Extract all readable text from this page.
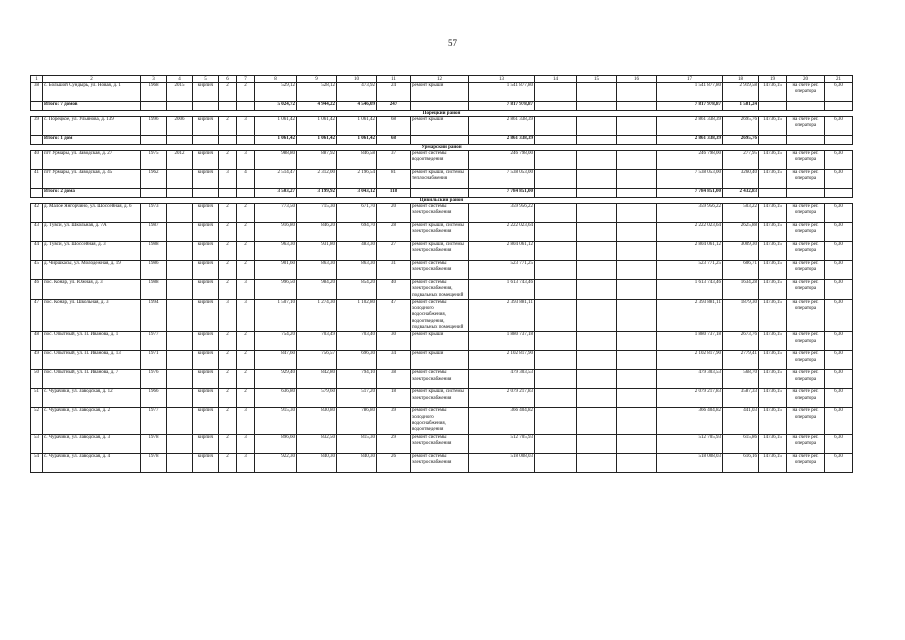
57
1	2	3	4	5	6	7	8	9	10	11	12	13	14	15	16	17	18	19	20	21
38	с. Большой Сундырь, ул. Новая, д. 1	1968	2015	кирпич	2	2	529,12	528,12	473,92	24	ремонт крыши	1 541 877,80				1 541 877,80	2 919,58	14736,15	на счете рег. оператора	6,30
	Итого: 7 домов						5 024,72	4 944,22	4 546,09	247		7 817 978,87				7 817 978,87	1 581,24			
Порецкий район																				
39	с. Порецкое, ул. Ульянова, д. 139	1996	2006	кирпич	2	3	1 061,42	1 061,42	1 061,42	68	ремонт крыши	2 861 338,39				2 861 338,39	2695,76	14736,15	на счете рег. оператора	6,30
	Итого: 1 дом						1 061,42	1 061,42	1 061,42	68		2 861 338,39				2 861 338,39	2695,76			
Урмарский район																				
40	пгт Урмары, ул. Заводская, д. 27	1975	2012	кирпич	2	3	988,80	887,92	846,58	37	ремонт системы водоотведения	246 798,00				246 798,00	277,95	14736,15	на счете рег. оператора	6,30
41	пгт Урмары, ул. Заводская, д. 45	1962		кирпич	3	4	2 514,47	2 312,00	2 196,54	81	ремонт крыши, системы теплоснабжения	7 538 053,00				7 538 053,00	3260,40	14736,15	на счете рег. оператора	6,30
	Итого: 2 дома						3 503,27	3 199,92	3 043,12	118		7 784 851,00				7 784 851,00	2 432,83			
Цивильский район																				
42	д. Малое Янгорчино, ул. Шоссейная, д. 6	1973		кирпич	2	2	773,50	715,30	671,70	20	ремонт системы электроснабжения	359 956,22				359 956,22	503,22	14736,15	на счете рег. оператора	6,30
43	д. Тувси, ул. Школьная, д. 7А	1987		кирпич	2	2	916,80	846,20	694,70	28	ремонт крыши, системы электроснабжения	2 222 023,64				2 222 023,64	2625,88	14736,15	на счете рег. оператора	6,30
44	д. Тувси, ул. Шоссейная, д. 3	1988		кирпич	2	2	963,30	931,80	483,30	27	ремонт крыши, системы электроснабжения	2 804 061,12				2 804 061,12	3009,30	14736,15	на счете рег. оператора	6,30
45	д. Чиршкасы, ул. Молодежная, д. 19	1986		кирпич	2	2	901,60	863,30	863,30	31	ремонт системы электроснабжения	523 771,25				523 771,25	606,71	14736,15	на счете рег. оператора	6,30
46	пос. Конар, ул. Южная, д. 3	1988		кирпич	2	3	996,50	984,20	854,20	40	ремонт системы электроснабжения, подвальных помещений	1 613 743,46				1 613 743,46	1634,28	14736,15	на счете рег. оператора	6,30
47	пос. Конар, ул. Школьная, д. 3	1994		кирпич	3	3	1 507,10	1 274,30	1 102,80	47	ремонт системы холодного водоснабжения, водоотведения, подвальных помещений	2 393 881,11				2 393 881,11	1879,30	14736,15	на счете рег. оператора	6,30
48	пос. Опытный, ул. П. Иванова, д. 1	1977		кирпич	2	2	754,20	703,49	703,40	30	ремонт крыши	1 880 737,18				1 880 737,18	2673,76	14736,15	на счете рег. оператора	6,30
49	пос. Опытный, ул. П. Иванова, д. 13	1971		кирпич	2	2	847,60	756,57	696,30	34	ремонт крыши	2 102 817,90				2 102 817,90	2779,41	14736,15	на счете рег. оператора	6,30
50	пос. Опытный, ул. П. Иванова, д. 7	1976		кирпич	2	2	929,40	842,80	794,10	38	ремонт системы электроснабжения	479 303,53				479 303,53	568,70	14736,15	на счете рег. оператора	6,30
51	с. Чурачики, ул. Заводская, д. 12	1966		кирпич	2	2	636,80	579,60	517,20	18	ремонт крыши, системы электроснабжения	2 079 217,83				2 079 217,83	3587,33	14736,15	на счете рег. оператора	6,30
52	с. Чурачики, ул. Заводская, д. 2	1977		кирпич	2	3	915,30	830,80	786,80	39	ремонт системы холодного водоснабжения, водоотведения	366 404,82				366 404,82	441,03	14736,15	на счете рег. оператора	6,30
53	с. Чурачики, ул. Заводская, д. 3	1978		кирпич	2	3	896,60	832,50	815,30	29	ремонт системы электроснабжения	512 705,93				512 705,93	615,86	14736,15	на счете рег. оператора	6,30
54	с. Чурачики, ул. Заводская, д. 4	1978		кирпич	2	3	922,30	840,30	840,30	26	ремонт системы электроснабжения	518 008,03				518 008,03	616,16	14736,15	на счете рег. оператора	6,30
